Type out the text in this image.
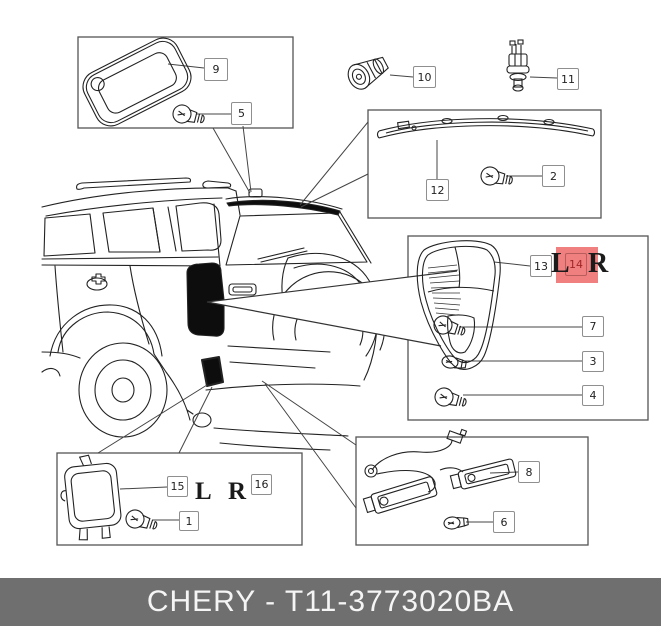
9
5
10	11
12
2
13	14
7
3
4
15	16
1
8
6
L R
L R
CHERY - T11-3773020BA
